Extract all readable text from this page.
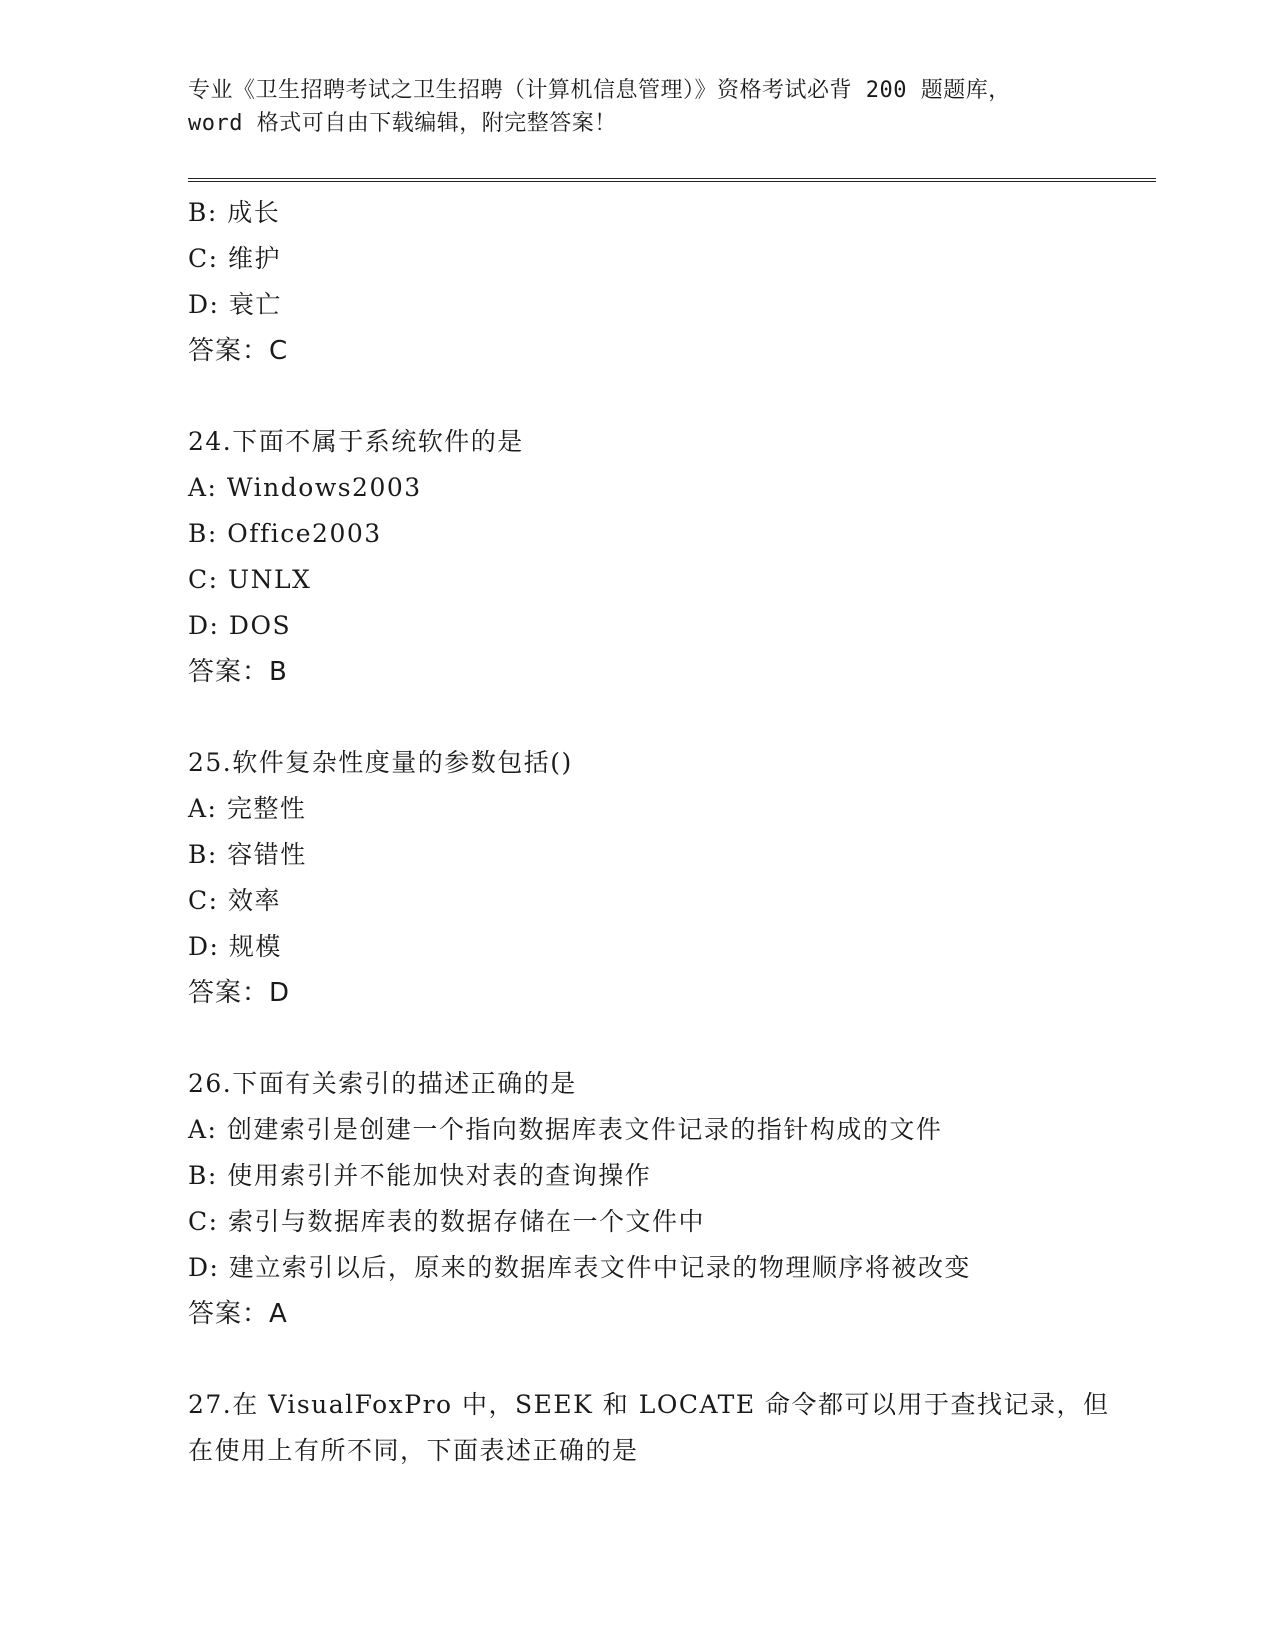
专业《卫生招聘考试之卫生招聘（计算机信息管理）》资格考试必背 200 题题库，
word 格式可自由下载编辑，附完整答案！
B: 成长
C: 维护
D: 衰亡
答案：C
24.下面不属于系统软件的是
A: Windows2003
B: Office2003
C: UNLX
D: DOS
答案：B
25.软件复杂性度量的参数包括()
A: 完整性
B: 容错性
C: 效率
D: 规模
答案：D
26.下面有关索引的描述正确的是
A: 创建索引是创建一个指向数据库表文件记录的指针构成的文件
B: 使用索引并不能加快对表的查询操作
C: 索引与数据库表的数据存储在一个文件中
D: 建立索引以后，原来的数据库表文件中记录的物理顺序将被改变
答案：A
27.在 VisualFoxPro 中，SEEK 和 LOCATE 命令都可以用于查找记录，但
在使用上有所不同，下面表述正确的是
